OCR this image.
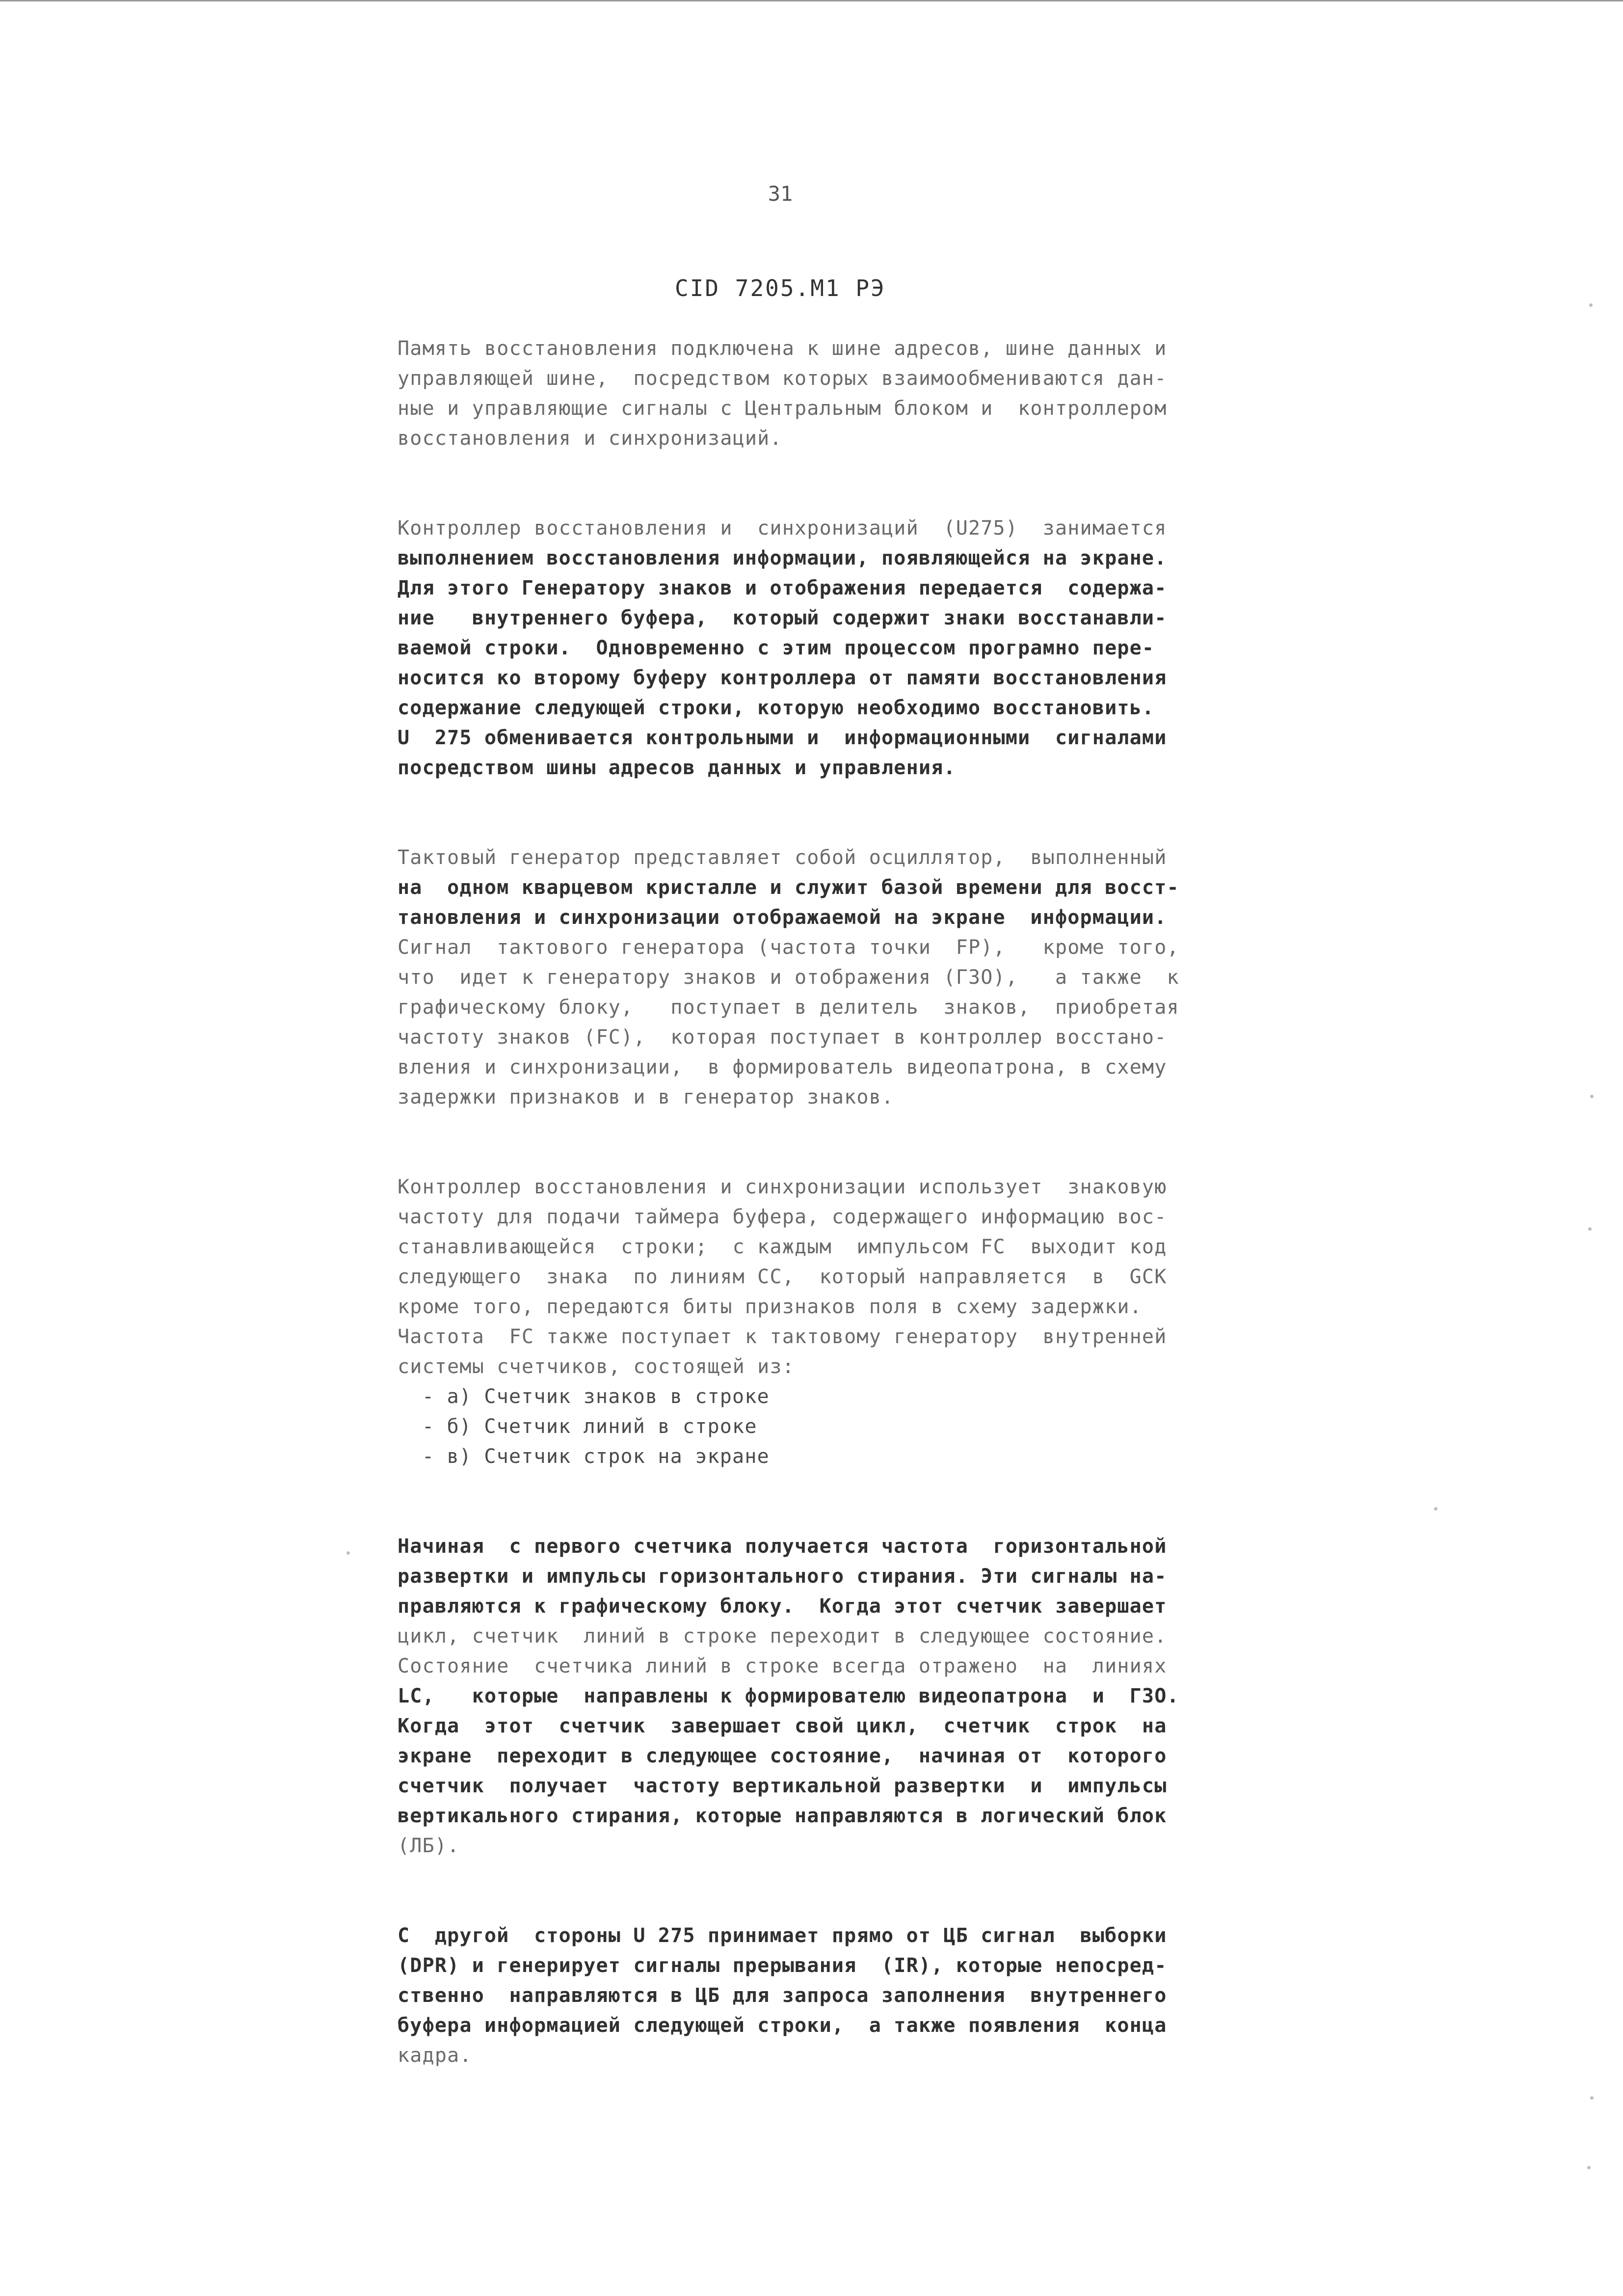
31
CID 7205.M1 РЭ
Память восстановления подключена к шине адресов, шине данных и
управляющей шине,  посредством которых взаимообмениваются дан-
ные и управляющие сигналы с Центральным блоком и  контроллером
восстановления и синхронизаций.
Контроллер восстановления и  синхронизаций  (U275)  занимается
выполнением восстановления информации, появляющейся на экране.
Для этого Генератору знаков и отображения передается  содержа-
ние   внутреннего буфера,  который содержит знаки восстанавли-
ваемой строки.  Одновременно с этим процессом програмно пере-
носится ко второму буферу контроллера от памяти восстановления
содержание следующей строки, которую необходимо восстановить.
U  275 обменивается контрольными и  информационными  сигналами
посредством шины адресов данных и управления.
Тактовый генератор представляет собой осциллятор,  выполненный
на  одном кварцевом кристалле и служит базой времени для восст-
тановления и синхронизации отображаемой на экране  информации.
Сигнал  тактового генератора (частота точки  FP),   кроме того,
что  идет к генератору знаков и отображения (ГЗО),   а также  к
графическому блоку,   поступает в делитель  знаков,  приобретая
частоту знаков (FC),  которая поступает в контроллер восстано-
вления и синхронизации,  в формирователь видеопатрона, в схему
задержки признаков и в генератор знаков.
Контроллер восстановления и синхронизации использует  знаковую
частоту для подачи таймера буфера, содержащего информацию вос-
станавливающейся  строки;  с каждым  импульсом FC  выходит код
следующего  знака  по линиям CC,  который направляется  в  GCK
кроме того, передаются биты признаков поля в схему задержки.
Частота  FC также поступает к тактовому генератору  внутренней
системы счетчиков, состоящей из:
- а) Счетчик знаков в строке
- б) Счетчик линий в строке
- в) Счетчик строк на экране
Начиная  с первого счетчика получается частота  горизонтальной
развертки и импульсы горизонтального стирания. Эти сигналы на-
правляются к графическому блоку.  Когда этот счетчик завершает
цикл, счетчик  линий в строке переходит в следующее состояние.
Состояние  счетчика линий в строке всегда отражено  на  линиях
LC,   которые  направлены к формирователю видеопатрона  и  ГЗО.
Когда  этот  счетчик  завершает свой цикл,  счетчик  строк  на
экране  переходит в следующее состояние,  начиная от  которого
счетчик  получает  частоту вертикальной развертки  и  импульсы
вертикального стирания, которые направляются в логический блок
(ЛБ).
С  другой  стороны U 275 принимает прямо от ЦБ сигнал  выборки
(DPR) и генерирует сигналы прерывания  (IR), которые непосред-
ственно  направляются в ЦБ для запроса заполнения  внутреннего
буфера информацией следующей строки,  а также появления  конца
кадра.
